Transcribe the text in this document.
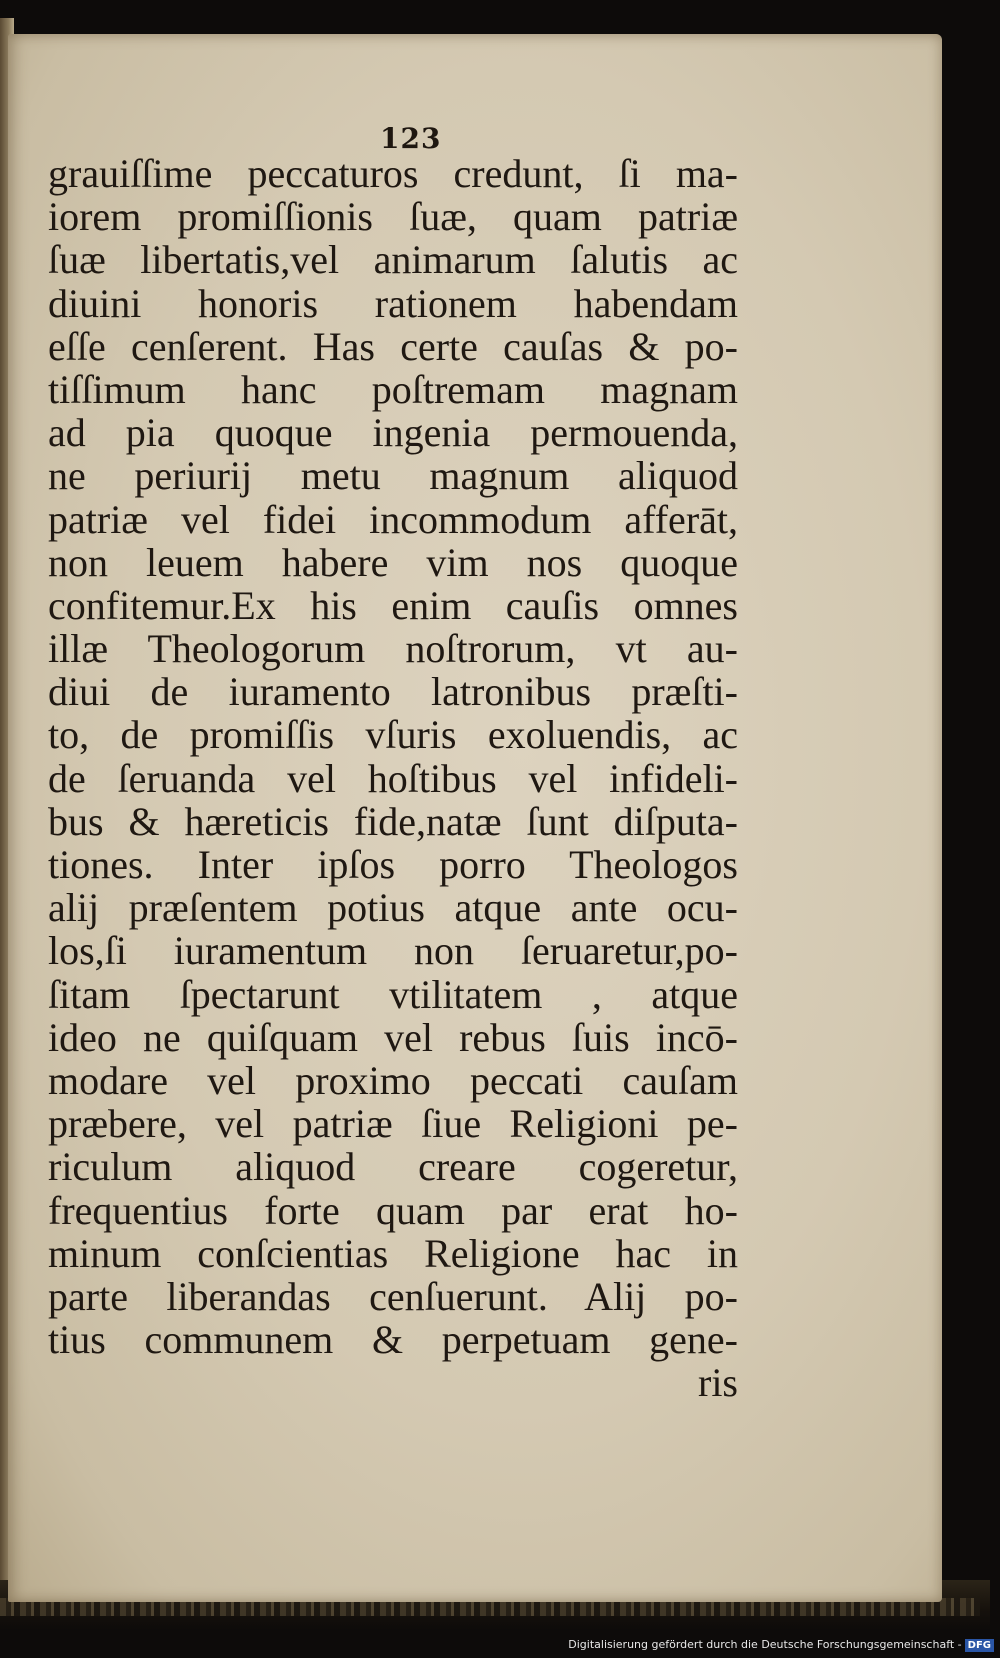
123
grauiſſime peccaturos credunt, ſi ma-
iorem promiſſionis ſuæ, quam patriæ
ſuæ libertatis,vel animarum ſalutis ac
diuini honoris rationem habendam
eſſe cenſerent. Has certe cauſas & po-
tiſſimum hanc poſtremam magnam
ad pia quoque ingenia permouenda,
ne periurij metu magnum aliquod
patriæ vel fidei incommodum afferāt,
non leuem habere vim nos quoque
confitemur.Ex his enim cauſis omnes
illæ Theologorum noſtrorum, vt au-
diui de iuramento latronibus præſti-
to, de promiſſis vſuris exoluendis, ac
de ſeruanda vel hoſtibus vel infideli-
bus & hæreticis fide,natæ ſunt diſputa-
tiones. Inter ipſos porro Theologos
alij præſentem potius atque ante ocu-
los,ſi iuramentum non ſeruaretur,po-
ſitam ſpectarunt vtilitatem , atque
ideo ne quiſquam vel rebus ſuis incō-
modare vel proximo peccati cauſam
præbere, vel patriæ ſiue Religioni pe-
riculum aliquod creare cogeretur,
frequentius forte quam par erat ho-
minum conſcientias Religione hac in
parte liberandas cenſuerunt. Alij po-
tius communem & perpetuam gene-
ris
Digitalisierung gefördert durch die Deutsche Forschungsgemeinschaft - DFG
